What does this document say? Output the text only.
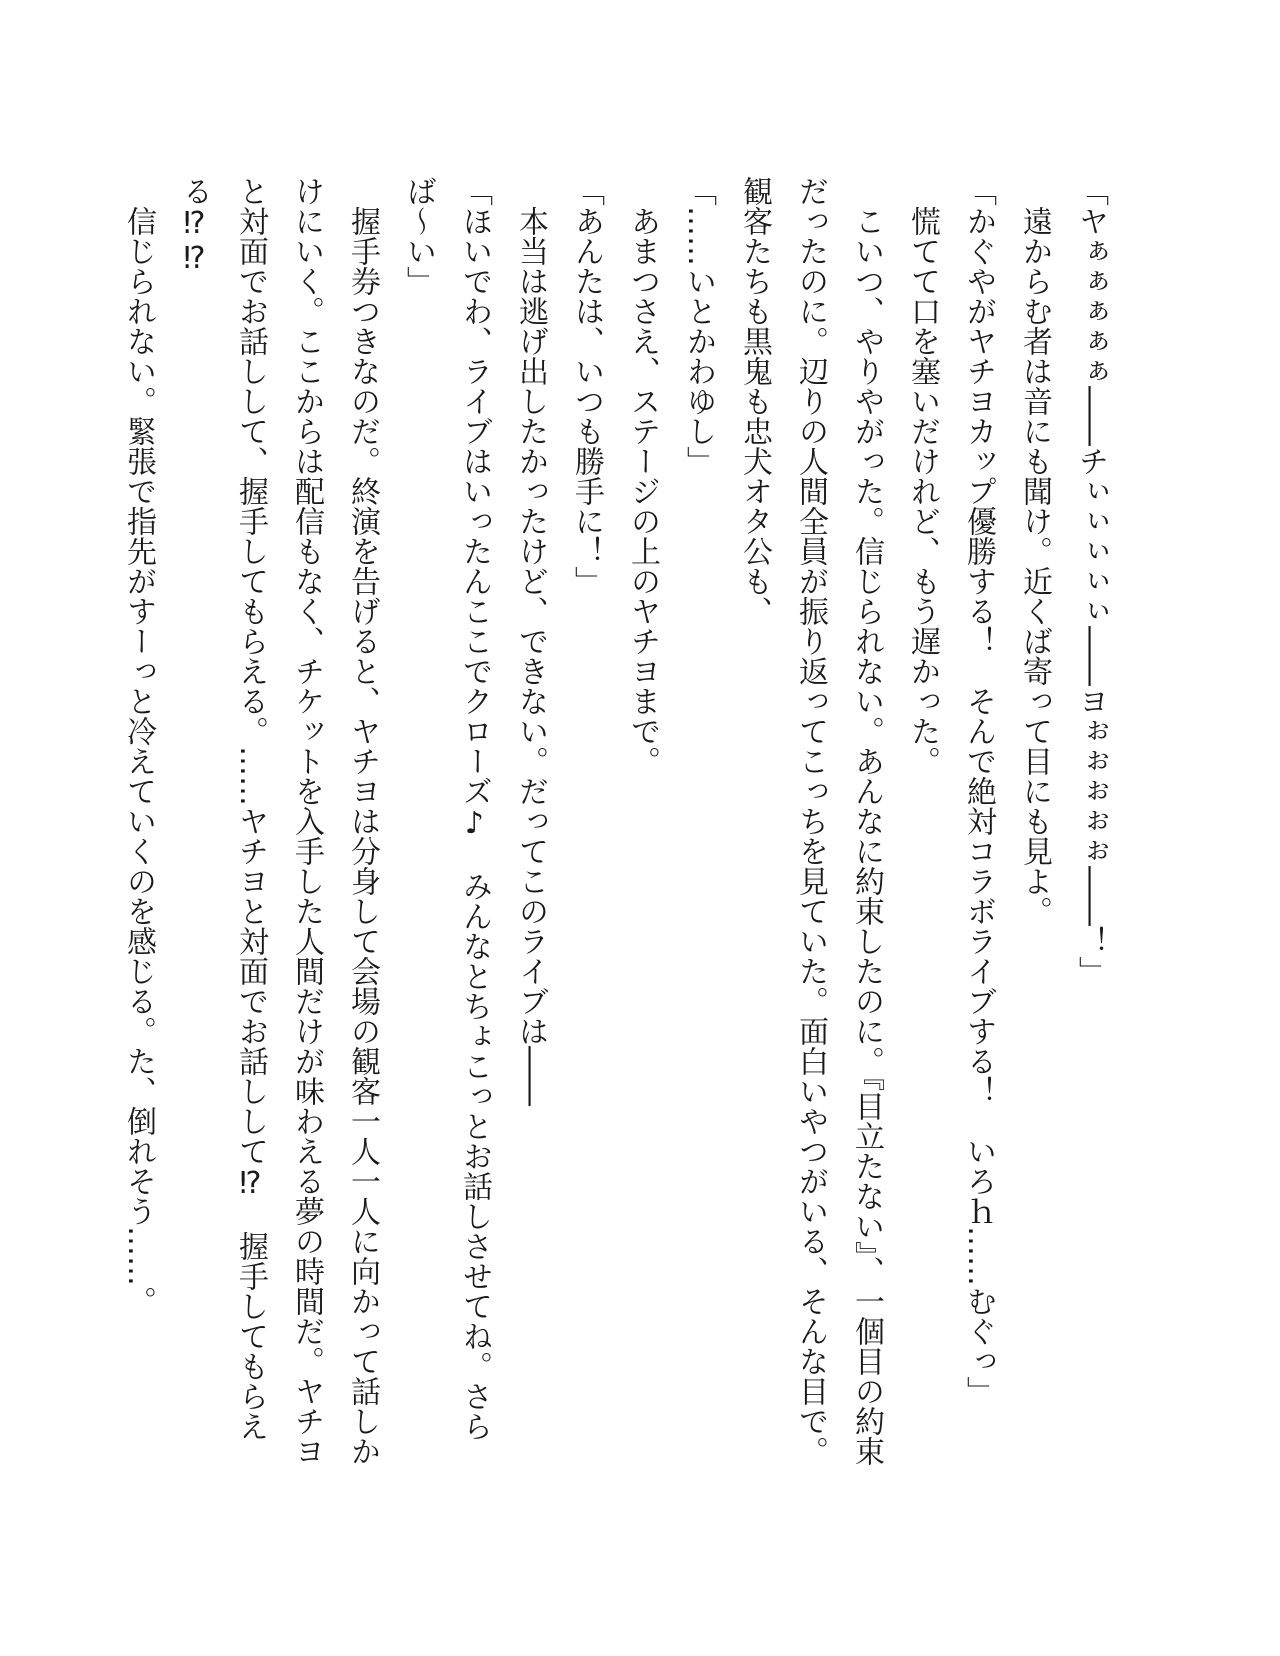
「ヤぁぁぁぁぁ――チぃぃぃぃぃ――ヨぉぉぉぉぉ――！」

遠からむ者は音にも聞け。近くば寄って目にも見よ。

「かぐやがヤチヨカップ優勝する！　そんで絶対コラボライブする！　いろｈ……むぐっ」

慌てて口を塞いだけれど、もう遅かった。

こいつ、やりやがった。信じられない。あんなに約束したのに。『目立たない』、一個目の約束だったのに。辺りの人間全員が振り返ってこっちを見ていた。面白いやつがいる、そんな目で。観客たちも黒鬼も忠犬オタ公も、

「……いとかわゆし」

あまつさえ、ステージの上のヤチヨまで。

「あんたは、いつも勝手に！」

本当は逃げ出したかったけど、できない。だってこのライブは――

「ほいでわ、ライブはいったんここでクローズ♪　みんなとちょこっとお話しさせてね。さらば〜い」

握手券つきなのだ。終演を告げると、ヤチヨは分身して会場の観客一人一人に向かって話しかけにいく。ここからは配信もなく、チケットを入手した人間だけが味わえる夢の時間だ。ヤチヨと対面でお話しして、握手してもらえる。……ヤチヨと対面でお話しして⁉　握手してもらえる⁉⁉

信じられない。緊張で指先がすーっと冷えていくのを感じる。た、倒れそう……。
